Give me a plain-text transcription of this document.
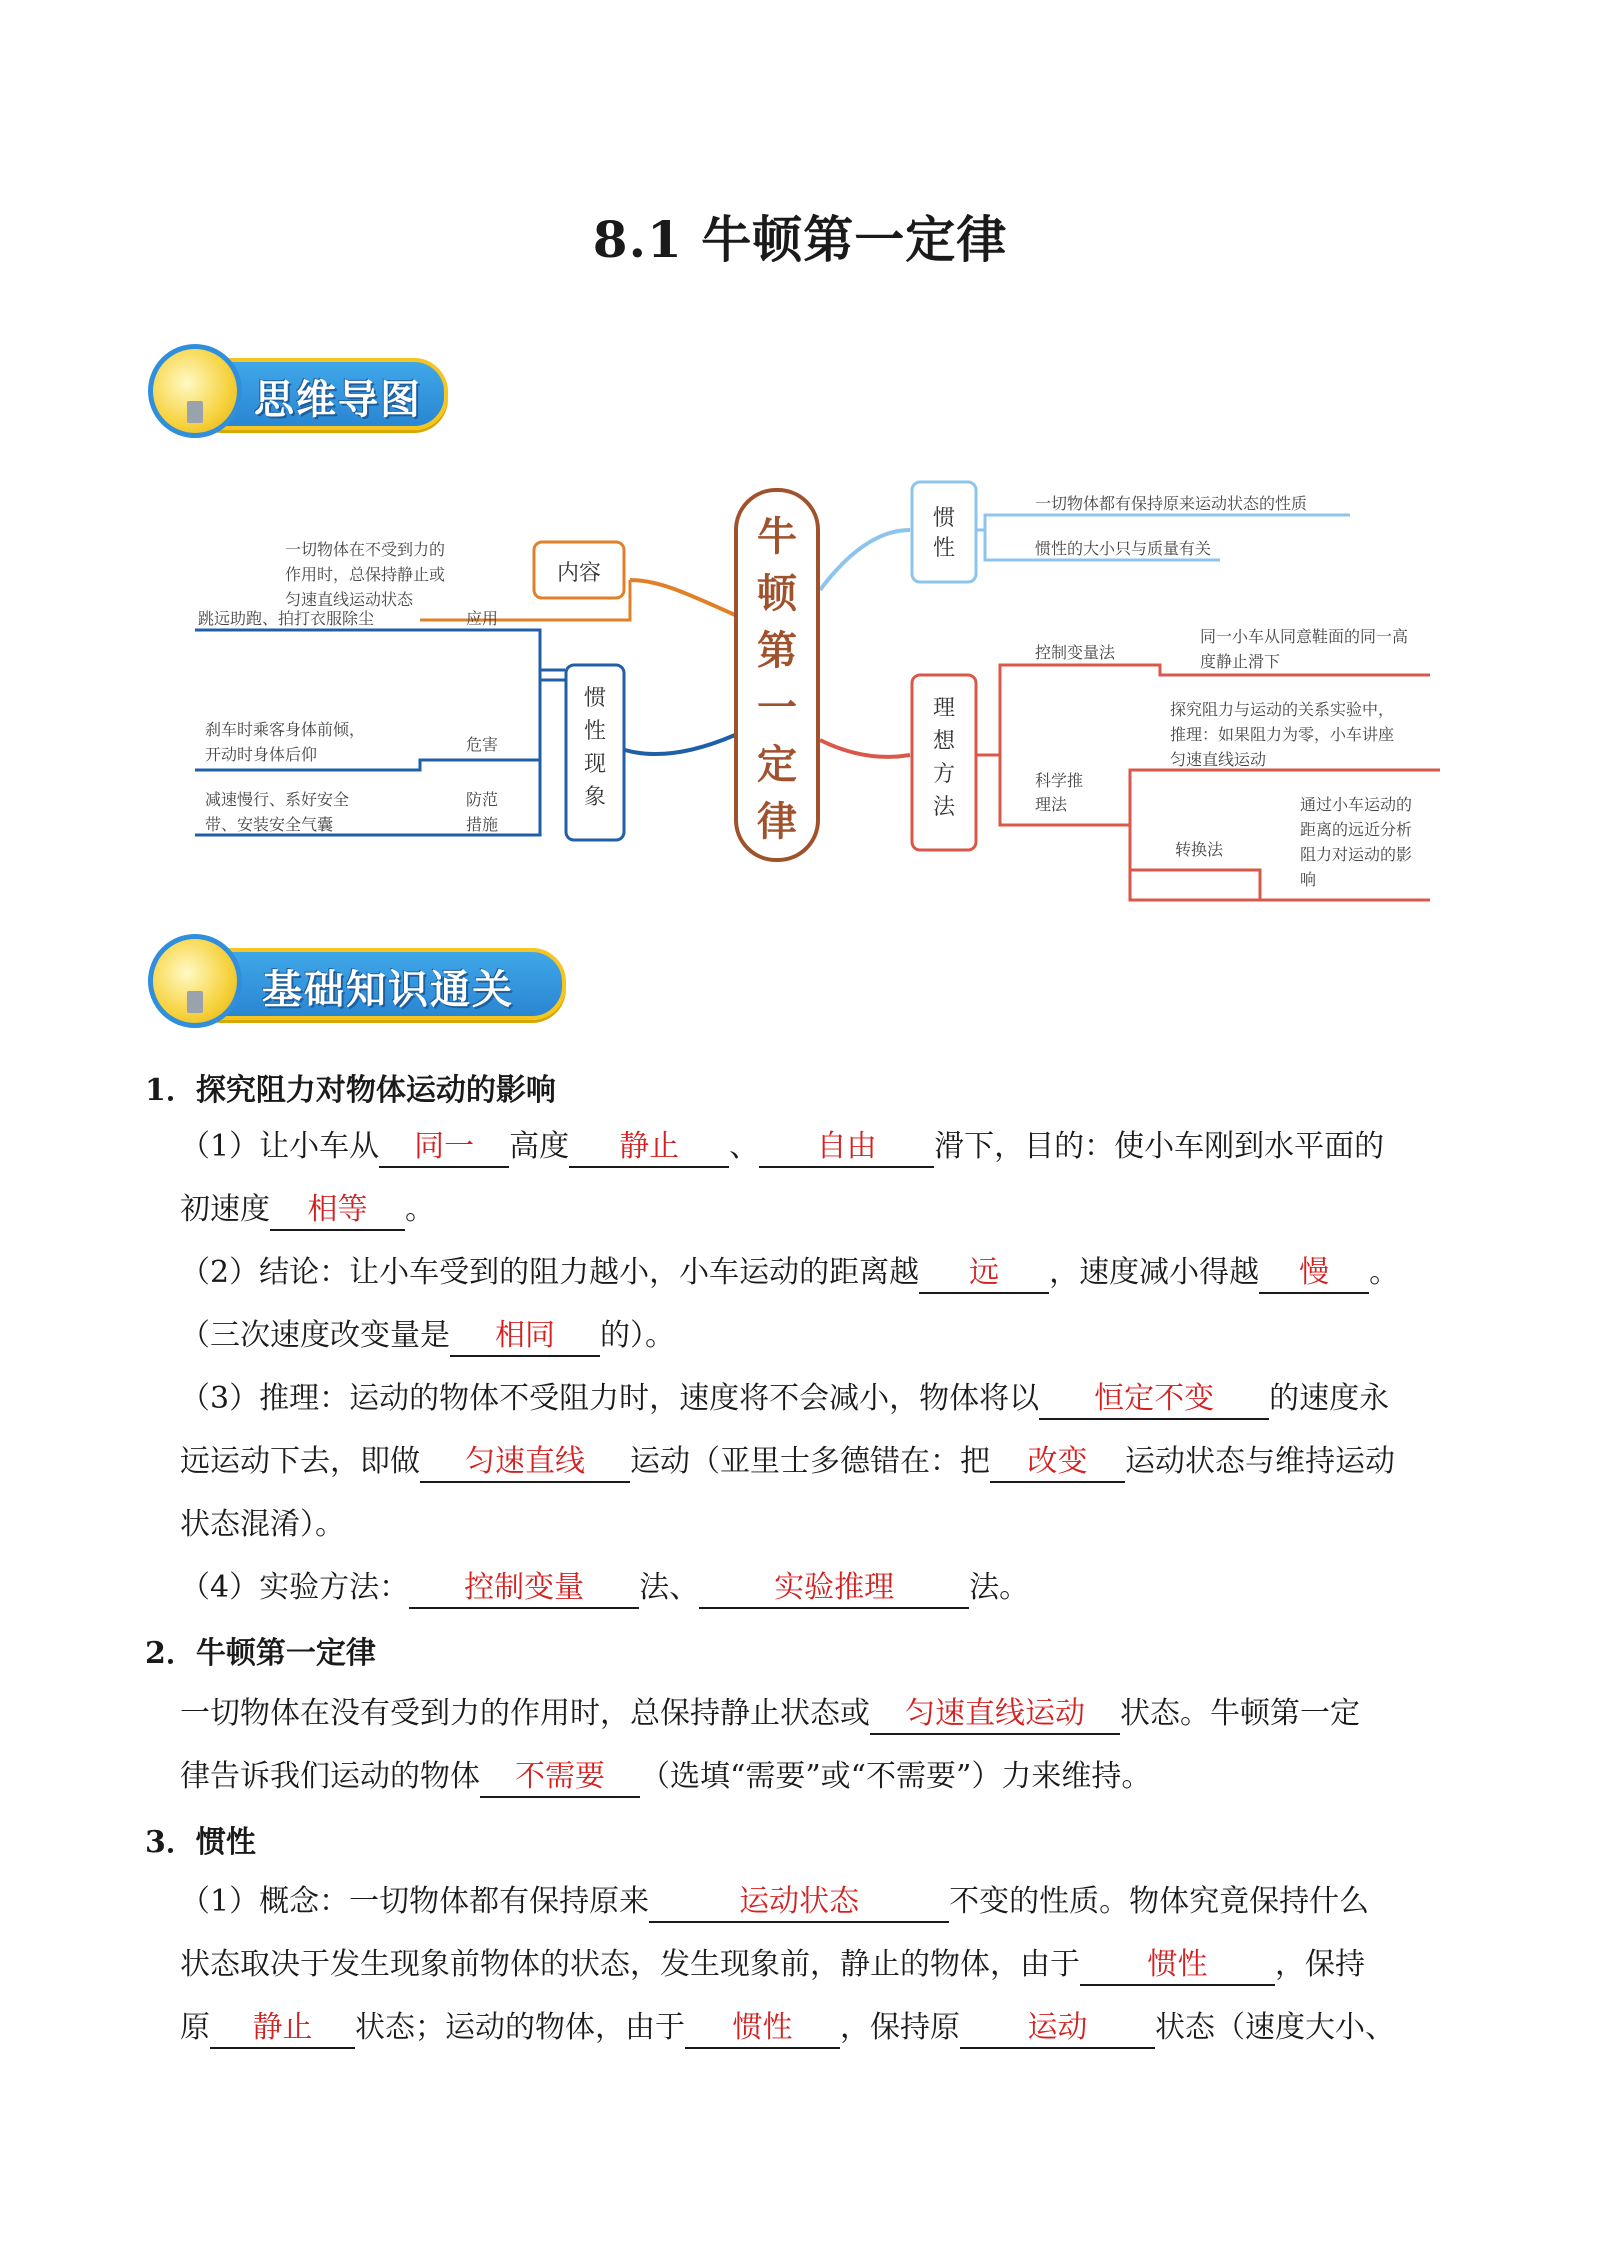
8.1 牛顿第一定律
思维导图
牛
顿
第
一
定
律
内容
一切物体在不受到力的
作用时，总保持静止或
匀速直线运动状态
惯
性
一切物体都有保持原来运动状态的性质
惯性的大小只与质量有关
惯
性
现
象
跳远助跑、拍打衣服除尘	应用
刹车时乘客身体前倾，
开动时身体后仰
危害
减速慢行、系好安全
带、安装安全气囊
防范
措施
理
想
方
法
控制变量法
同一小车从同意鞋面的同一高
度静止滑下
科学推
理法
探究阻力与运动的关系实验中，
推理：如果阻力为零，小车讲座
匀速直线运动
转换法
通过小车运动的
距离的远近分析
阻力对运动的影
响
基础知识通关
1．探究阻力对物体运动的影响
（1）让小车从 同一 高度 静止 、 自由 滑下，目的：使小车刚到水平面的
初速度 相等 。
（2）结论：让小车受到的阻力越小，小车运动的距离越 远 ，速度减小得越 慢 。
（三次速度改变量是 相同 的）。
（3）推理：运动的物体不受阻力时，速度将不会减小，物体将以 恒定不变 的速度永
远运动下去，即做 匀速直线 运动（亚里士多德错在：把 改变 运动状态与维持运动
状态混淆）。
（4）实验方法： 控制变量 法、	实验推理	法。
2．牛顿第一定律
一切物体在没有受到力的作用时，总保持静止状态或 匀速直线运动 状态。牛顿第一定
律告诉我们运动的物体 不需要 （选填“需要”或“不需要”）力来维持。
3．惯性
（1）概念：一切物体都有保持原来	运动状态	不变的性质。物体究竟保持什么
状态取决于发生现象前物体的状态，发生现象前，静止的物体，由于 惯性 ，保持
原 静止 状态；运动的物体，由于 惯性 ，保持原 运动 状态（速度大小、
